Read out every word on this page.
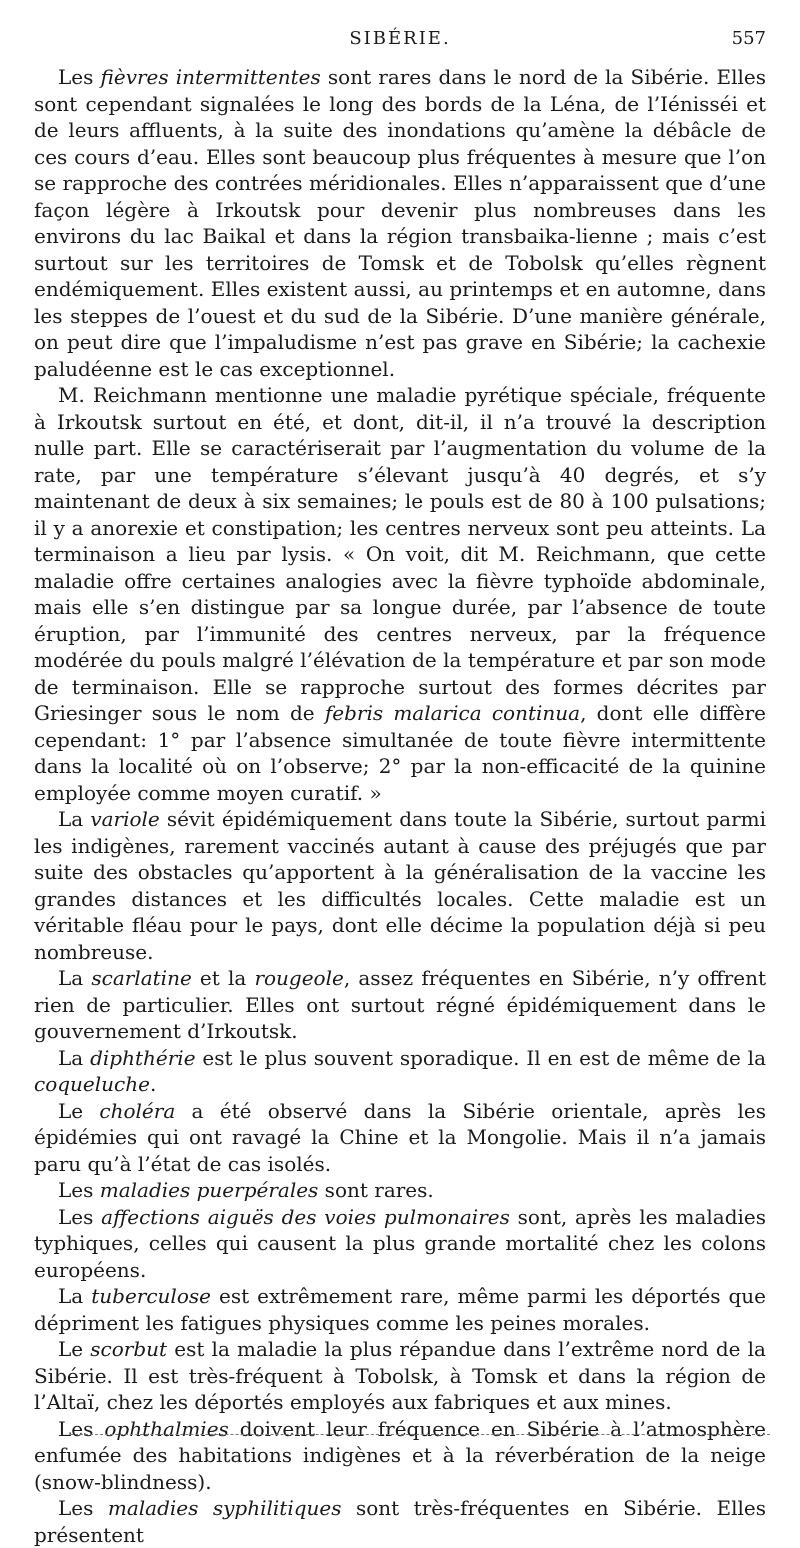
SIBÉRIE.	557

Les fièvres intermittentes sont rares dans le nord de la Sibérie. Elles sont cependant signalées le long des bords de la Léna, de l’Iénisséi et de leurs affluents, à la suite des inondations qu’amène la débâcle de ces cours d’eau. Elles sont beaucoup plus fréquentes à mesure que l’on se rapproche des contrées méridionales. Elles n’apparaissent que d’une façon légère à Irkoutsk pour devenir plus nombreuses dans les environs du lac Baikal et dans la région transbaika-lienne ; mais c’est surtout sur les territoires de Tomsk et de Tobolsk qu’elles règnent endémiquement. Elles existent aussi, au printemps et en automne, dans les steppes de l’ouest et du sud de la Sibérie. D’une manière générale, on peut dire que l’impaludisme n’est pas grave en Sibérie; la cachexie paludéenne est le cas exceptionnel.

M. Reichmann mentionne une maladie pyrétique spéciale, fréquente à Irkoutsk surtout en été, et dont, dit-il, il n’a trouvé la description nulle part. Elle se caractériserait par l’augmentation du volume de la rate, par une température s’élevant jusqu’à 40 degrés, et s’y maintenant de deux à six semaines; le pouls est de 80 à 100 pulsations; il y a anorexie et constipation; les centres nerveux sont peu atteints. La terminaison a lieu par lysis. « On voit, dit M. Reichmann, que cette maladie offre certaines analogies avec la fièvre typhoïde abdominale, mais elle s’en distingue par sa longue durée, par l’absence de toute éruption, par l’immunité des centres nerveux, par la fréquence modérée du pouls malgré l’élévation de la température et par son mode de terminaison. Elle se rapproche surtout des formes décrites par Griesinger sous le nom de febris malarica continua, dont elle diffère cependant: 1° par l’absence simultanée de toute fièvre intermittente dans la localité où on l’observe; 2° par la non-efficacité de la quinine employée comme moyen curatif. »

La variole sévit épidémiquement dans toute la Sibérie, surtout parmi les indigènes, rarement vaccinés autant à cause des préjugés que par suite des obstacles qu’apportent à la généralisation de la vaccine les grandes distances et les difficultés locales. Cette maladie est un véritable fléau pour le pays, dont elle décime la population déjà si peu nombreuse.

La scarlatine et la rougeole, assez fréquentes en Sibérie, n’y offrent rien de particulier. Elles ont surtout régné épidémiquement dans le gouvernement d’Irkoutsk.

La diphthérie est le plus souvent sporadique. Il en est de même de la coqueluche.

Le choléra a été observé dans la Sibérie orientale, après les épidémies qui ont ravagé la Chine et la Mongolie. Mais il n’a jamais paru qu’à l’état de cas isolés.

Les maladies puerpérales sont rares.

Les affections aiguës des voies pulmonaires sont, après les maladies typhiques, celles qui causent la plus grande mortalité chez les colons européens.

La tuberculose est extrêmement rare, même parmi les déportés que dépriment les fatigues physiques comme les peines morales.

Le scorbut est la maladie la plus répandue dans l’extrême nord de la Sibérie. Il est très-fréquent à Tobolsk, à Tomsk et dans la région de l’Altaï, chez les déportés employés aux fabriques et aux mines.

Les ophthalmies doivent leur fréquence en Sibérie à l’atmosphère enfumée des habitations indigènes et à la réverbération de la neige (snow-blindness).

Les maladies syphilitiques sont très-fréquentes en Sibérie. Elles présentent
